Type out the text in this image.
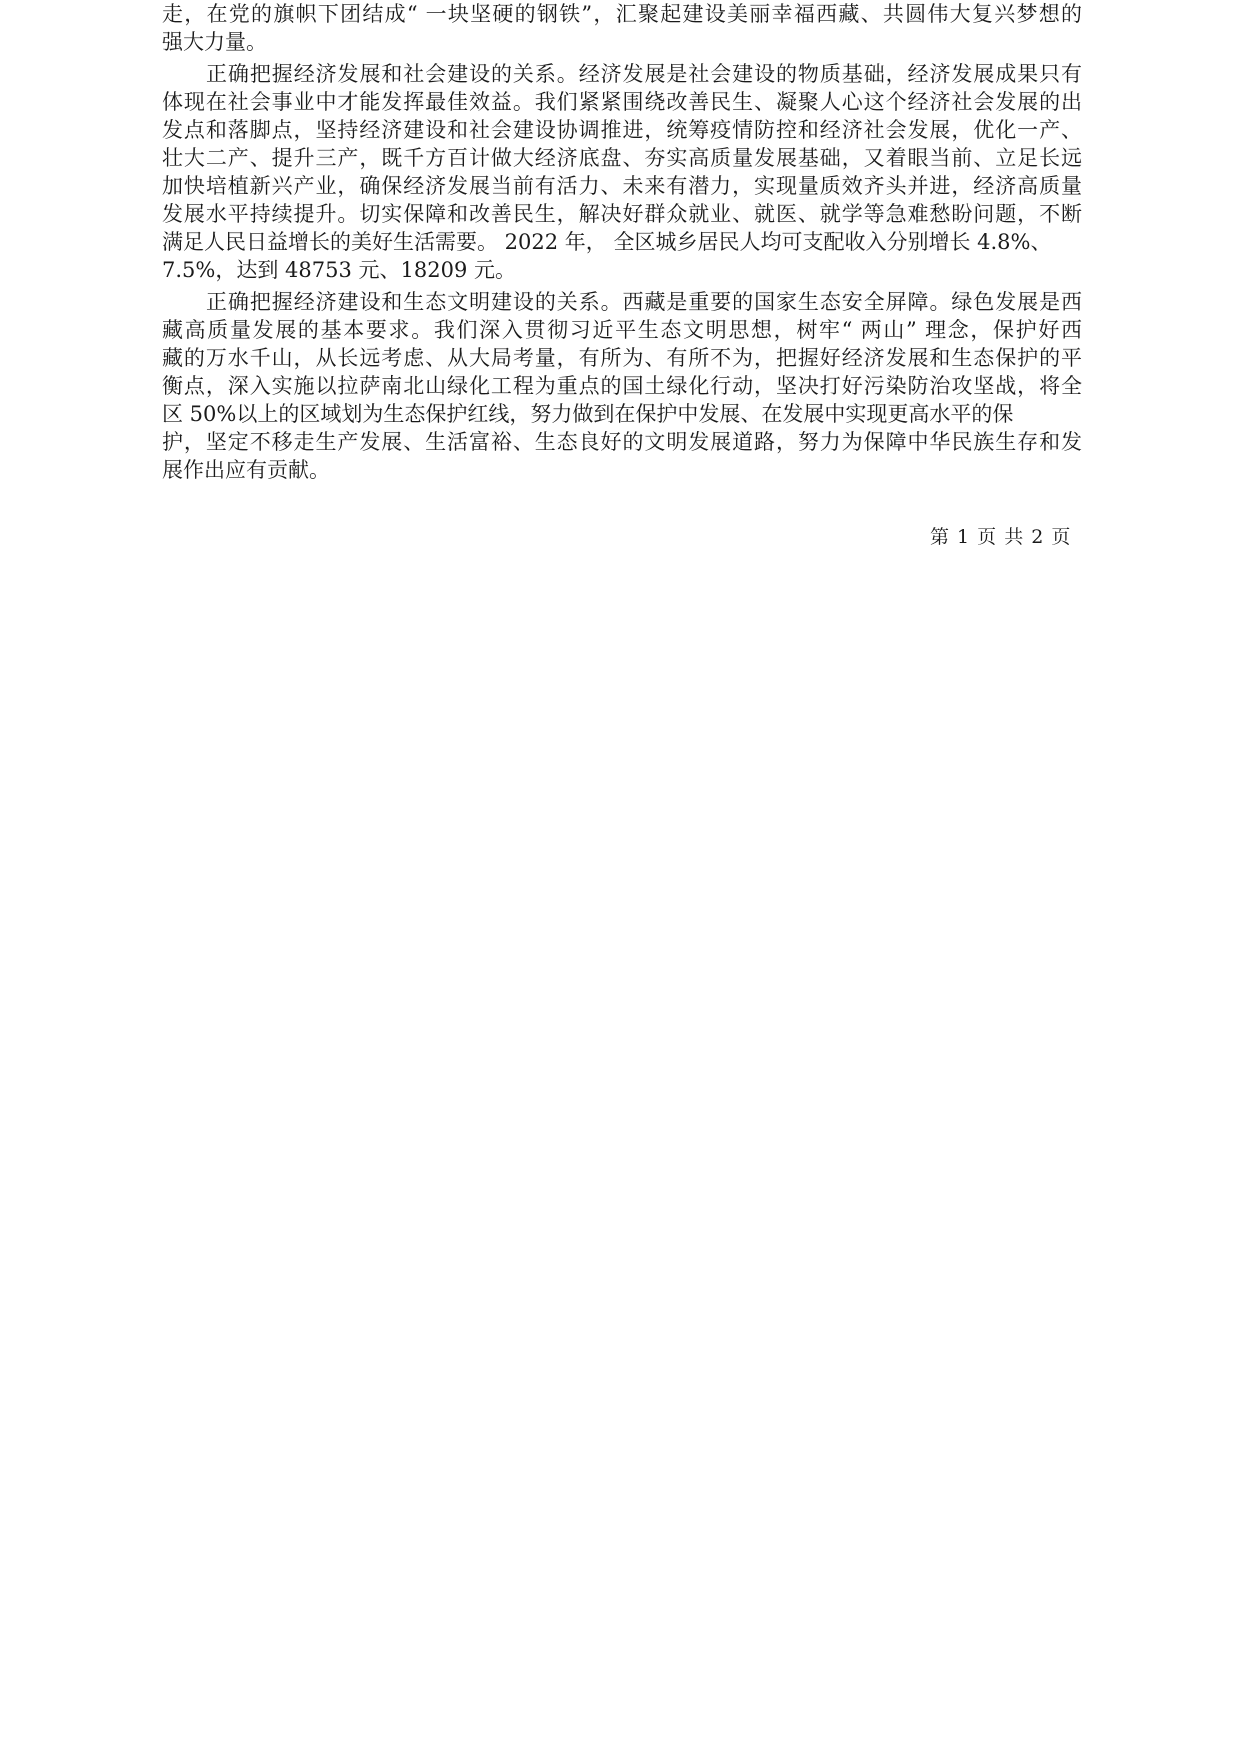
走，在党的旗帜下团结成“ 一块坚硬的钢铁”，汇聚起建设美丽幸福西藏、共圆伟大复兴梦想的
强大力量。
正确把握经济发展和社会建设的关系。经济发展是社会建设的物质基础，经济发展成果只有
体现在社会事业中才能发挥最佳效益。我们紧紧围绕改善民生、凝聚人心这个经济社会发展的出
发点和落脚点，坚持经济建设和社会建设协调推进，统筹疫情防控和经济社会发展，优化一产、
壮大二产、提升三产，既千方百计做大经济底盘、夯实高质量发展基础，又着眼当前、立足长远
加快培植新兴产业，确保经济发展当前有活力、未来有潜力，实现量质效齐头并进，经济高质量
发展水平持续提升。切实保障和改善民生，解决好群众就业、就医、就学等急难愁盼问题，不断
满足人民日益增长的美好生活需要。 2022 年， 全区城乡居民人均可支配收入分别增长 4.8%、
7.5%，达到 48753 元、18209 元。
正确把握经济建设和生态文明建设的关系。西藏是重要的国家生态安全屏障。绿色发展是西
藏高质量发展的基本要求。我们深入贯彻习近平生态文明思想，树牢“ 两山” 理念，保护好西
藏的万水千山，从长远考虑、从大局考量，有所为、有所不为，把握好经济发展和生态保护的平
衡点，深入实施以拉萨南北山绿化工程为重点的国土绿化行动，坚决打好污染防治攻坚战，将全
区 50%以上的区域划为生态保护红线，努力做到在保护中发展、在发展中实现更高水平的保
护，坚定不移走生产发展、生活富裕、生态良好的文明发展道路，努力为保障中华民族生存和发
展作出应有贡献。
第 1 页 共 2 页
